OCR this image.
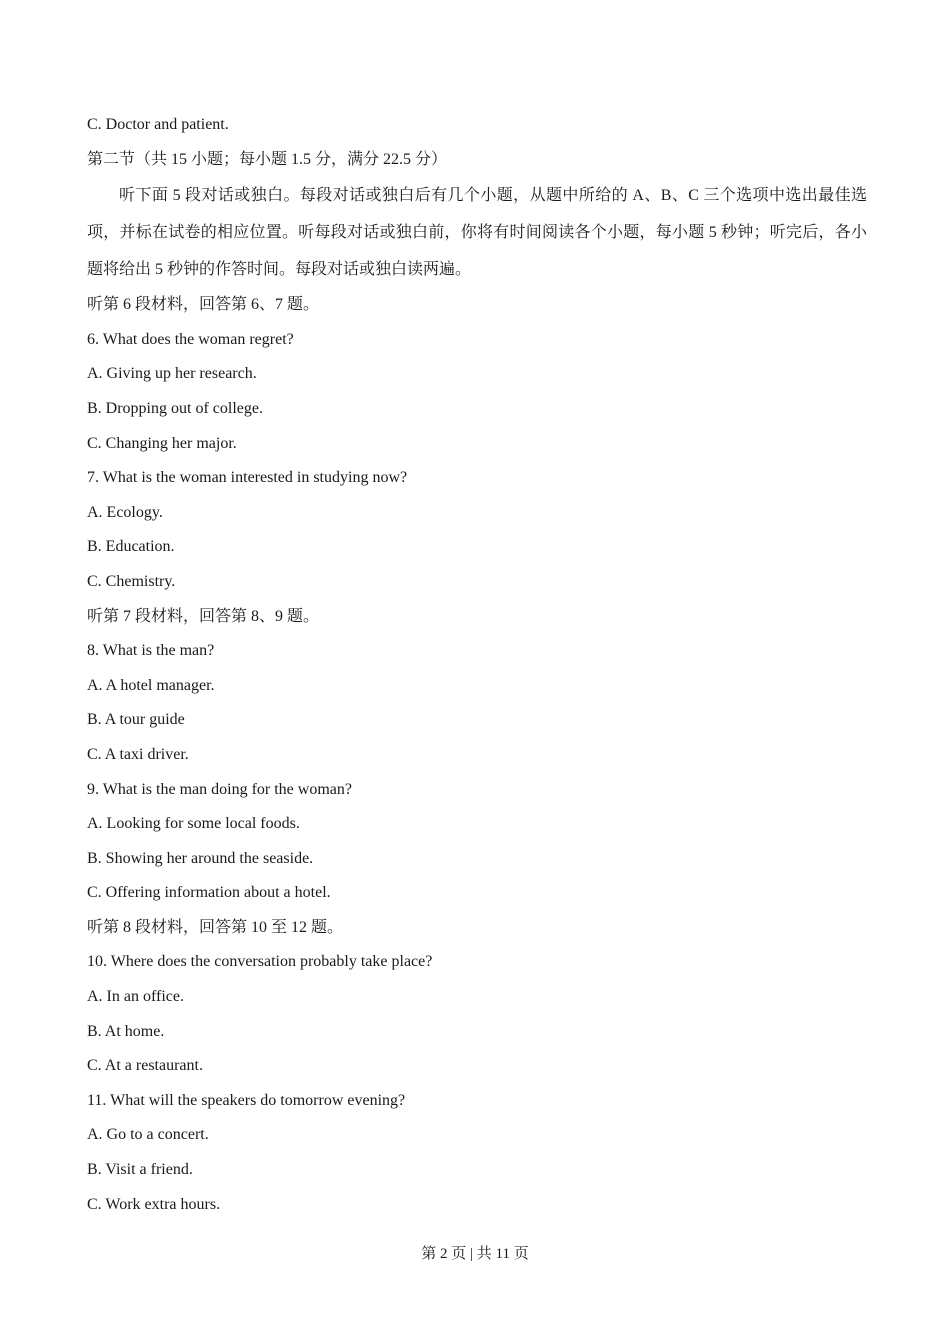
C. Doctor and patient.

第二节（共 15 小题；每小题 1.5 分，满分 22.5 分）

听下面 5 段对话或独白。每段对话或独白后有几个小题，从题中所给的 A、B、C 三个选项中选出最佳选项，并标在试卷的相应位置。听每段对话或独白前，你将有时间阅读各个小题，每小题 5 秒钟；听完后，各小题将给出 5 秒钟的作答时间。每段对话或独白读两遍。

听第 6 段材料，回答第 6、7 题。

6. What does the woman regret?

A. Giving up her research.

B. Dropping out of college.

C. Changing her major.

7. What is the woman interested in studying now?

A. Ecology.

B. Education.

C. Chemistry.

听第 7 段材料，回答第 8、9 题。

8. What is the man?

A. A hotel manager.

B. A tour guide

C. A taxi driver.

9. What is the man doing for the woman?

A. Looking for some local foods.

B. Showing her around the seaside.

C. Offering information about a hotel.

听第 8 段材料，回答第 10 至 12 题。

10. Where does the conversation probably take place?

A. In an office.

B. At home.

C. At a restaurant.

11. What will the speakers do tomorrow evening?

A. Go to a concert.

B. Visit a friend.

C. Work extra hours.

第 2 页 | 共 11 页
